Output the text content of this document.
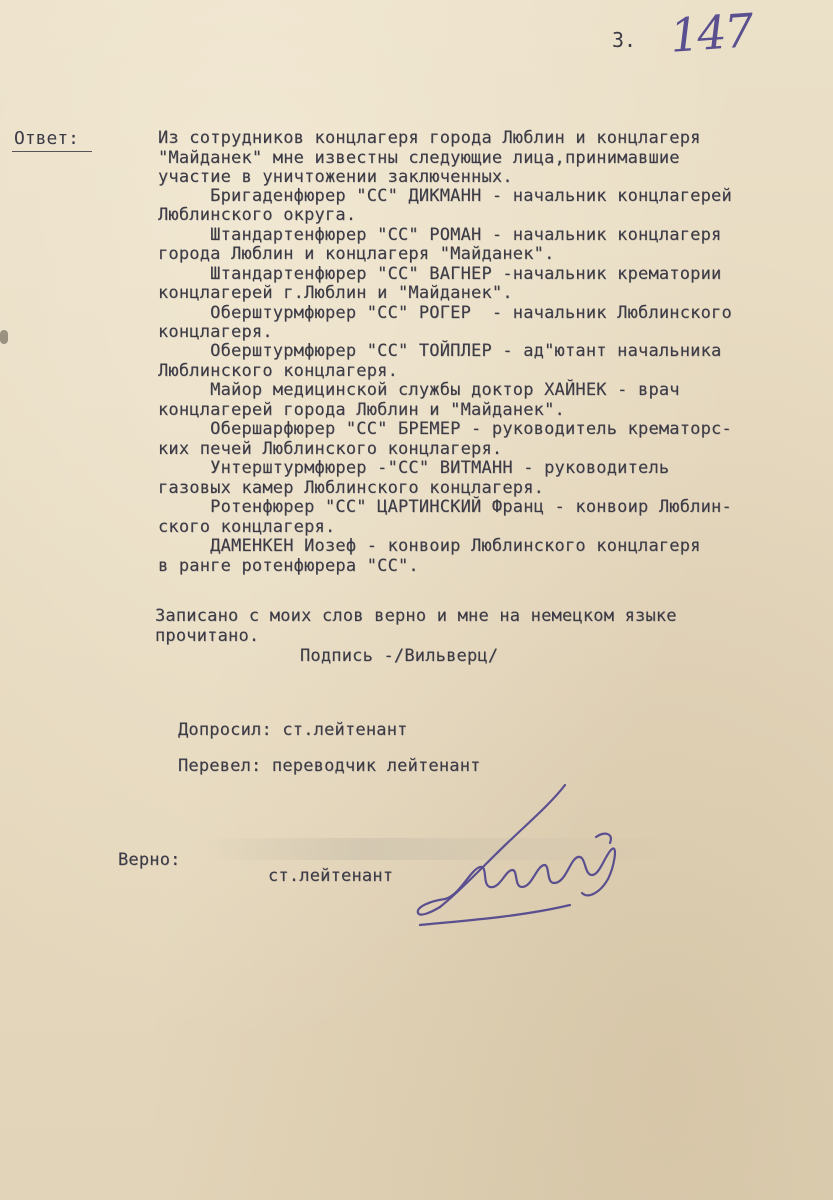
3. 147
Ответ:	Из сотрудников концлагеря города Люблин и концлагеря
"Майданек" мне известны следующие лица,принимавшие
участие в уничтожении заключенных.
Бригаденфюрер "СС" ДИКМАНН - начальник концлагерей
Люблинского округа.
Штандартенфюрер "СС" РОМАН - начальник концлагеря
города Люблин и концлагеря "Майданек".
Штандартенфюрер "СС" ВАГНЕР -начальник крематории
концлагерей г.Люблин и "Майданек".
Оберштурмфюрер "СС" РОГЕР  - начальник Люблинского
концлагеря.
Оберштурмфюрер "СС" ТОЙПЛЕР - ад"ютант начальника
Люблинского концлагеря.
Майор медицинской службы доктор ХАЙНЕК - врач
концлагерей города Люблин и "Майданек".
Обершарфюрер "СС" БРЕМЕР - руководитель крематорс-
ких печей Люблинского концлагеря.
Унтерштурмфюрер -"СС" ВИТМАНН - руководитель
газовых камер Люблинского концлагеря.
Ротенфюрер "СС" ЦАРТИНСКИЙ Франц - конвоир Люблин-
ского концлагеря.
ДАМЕНКЕН Иозеф - конвоир Люблинского концлагеря
в ранге ротенфюрера "СС".
Записано с моих слов верно и мне на немецком языке
прочитано.
Подпись -/Вильверц/
Допросил: ст.лейтенант
Перевел: переводчик лейтенант
Верно:
ст.лейтенант
